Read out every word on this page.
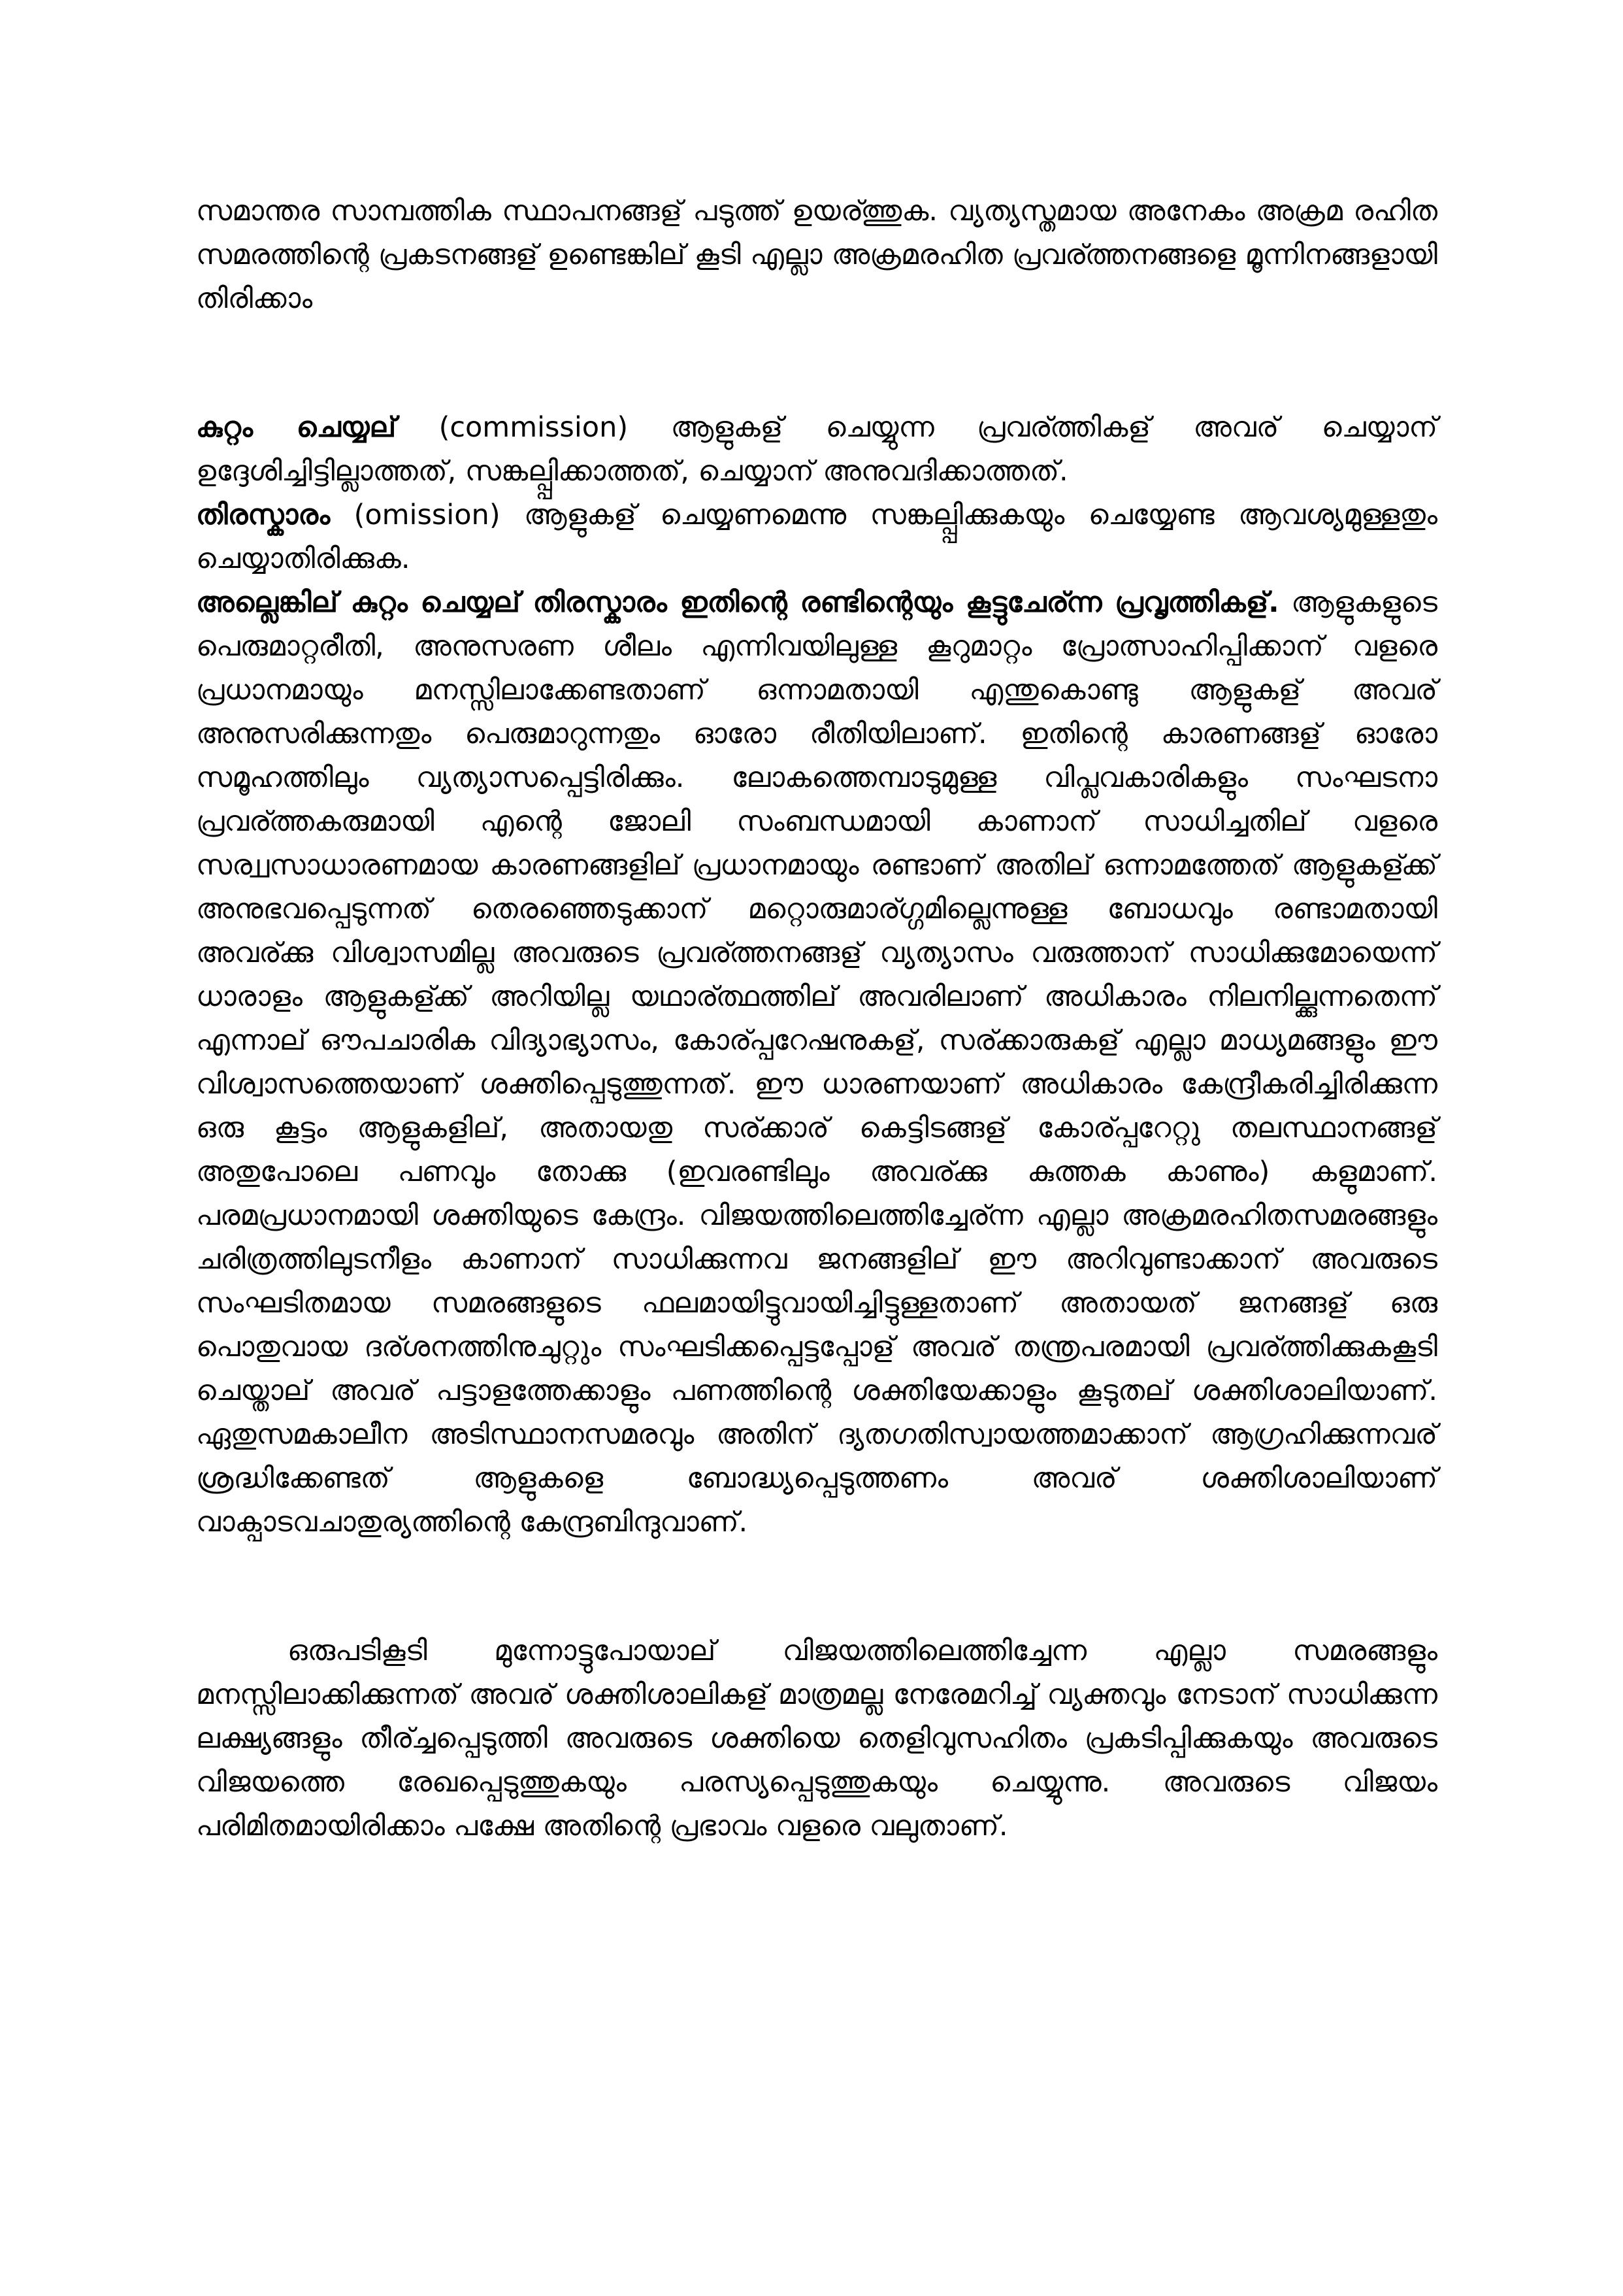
സമാന്തര സാമ്പത്തിക സ്ഥാപനങ്ങള് പടുത്ത് ഉയര്ത്തുക. വ്യത്യസ്തമായ അനേകം അക്രമ രഹിത സമരത്തിന്റെ പ്രകടനങ്ങള് ഉണ്ടെങ്കില് കൂടി എല്ലാ അക്രമരഹിത പ്രവര്ത്തനങ്ങളെ മൂന്നിനങ്ങളായി തിരിക്കാം

കുറ്റം ചെയ്യല് (commission) ആളുകള് ചെയ്യുന്ന പ്രവര്ത്തികള് അവര് ചെയ്യാന് ഉദ്ദേശിച്ചിട്ടില്ലാത്തത്, സങ്കല്പ്പിക്കാത്തത്, ചെയ്യാന് അനുവദിക്കാത്തത്.

തിരസ്കാരം (omission) ആളുകള് ചെയ്യണമെന്നു സങ്കല്പ്പിക്കുകയും ചെയ്യേണ്ട ആവശ്യമുള്ളതും ചെയ്യാതിരിക്കുക.

അല്ലെങ്കില് കുറ്റം ചെയ്യല് തിരസ്കാരം ഇതിന്റെ രണ്ടിന്റെയും കൂട്ടുചേര്ന്ന പ്രവൃത്തികള്. ആളുകളുടെ പെരുമാറ്റരീതി, അനുസരണ ശീലം എന്നിവയിലുള്ള കൂറുമാറ്റം പ്രോത്സാഹിപ്പിക്കാന് വളരെ പ്രധാനമായും മനസ്സിലാക്കേണ്ടതാണ് ഒന്നാമതായി എന്തുകൊണ്ടു ആളുകള് അവര് അനുസരിക്കുന്നതും പെരുമാറുന്നതും ഓരോ രീതിയിലാണ്. ഇതിന്റെ കാരണങ്ങള് ഓരോ സമൂഹത്തിലും വ്യത്യാസപ്പെട്ടിരിക്കും. ലോകത്തെമ്പാടുമുള്ള വിപ്ലവകാരികളും സംഘടനാ പ്രവര്ത്തകരുമായി എന്റെ ജോലി സംബന്ധമായി കാണാന് സാധിച്ചതില് വളരെ സര്വ്വസാധാരണമായ കാരണങ്ങളില് പ്രധാനമായും രണ്ടാണ് അതില് ഒന്നാമത്തേത് ആളുകള്ക്ക് അനുഭവപ്പെടുന്നത് തെരഞ്ഞെടുക്കാന് മറ്റൊരുമാര്ഗ്ഗമില്ലെന്നുള്ള ബോധവും രണ്ടാമതായി അവര്ക്കു വിശ്വാസമില്ല അവരുടെ പ്രവര്ത്തനങ്ങള് വ്യത്യാസം വരുത്താന് സാധിക്കുമോയെന്ന് ധാരാളം ആളുകള്ക്ക് അറിയില്ല യഥാര്ത്ഥത്തില് അവരിലാണ് അധികാരം നിലനില്ക്കുന്നതെന്ന് എന്നാല് ഔപചാരിക വിദ്യാഭ്യാസം, കോര്പ്പറേഷനുകള്, സര്ക്കാരുകള് എല്ലാ മാധ്യമങ്ങളും ഈ വിശ്വാസത്തെയാണ് ശക്തിപ്പെടുത്തുന്നത്. ഈ ധാരണയാണ് അധികാരം കേന്ദ്രീകരിച്ചിരിക്കുന്ന ഒരു കൂട്ടം ആളുകളില്, അതായതു സര്ക്കാര് കെട്ടിടങ്ങള് കോര്പ്പറേറ്റു തലസ്ഥാനങ്ങള് അതുപോലെ പണവും തോക്കു (ഇവരണ്ടിലും അവര്ക്കു കുത്തക കാണും) കളുമാണ്. പരമപ്രധാനമായി ശക്തിയുടെ കേന്ദ്രം. വിജയത്തിലെത്തിച്ചേര്ന്ന എല്ലാ അക്രമരഹിതസമരങ്ങളും ചരിത്രത്തിലുടനീളം കാണാന് സാധിക്കുന്നവ ജനങ്ങളില് ഈ അറിവുണ്ടാക്കാന് അവരുടെ സംഘടിതമായ സമരങ്ങളുടെ ഫലമായിട്ടുവായിച്ചിട്ടുള്ളതാണ് അതായത് ജനങ്ങള് ഒരു പൊതുവായ ദര്ശനത്തിനുചുറ്റും സംഘടിക്കപ്പെട്ടപ്പോള് അവര് തന്ത്രപരമായി പ്രവര്ത്തിക്കുകകൂടി ചെയ്താല് അവര് പട്ടാളത്തേക്കാളും പണത്തിന്റെ ശക്തിയേക്കാളും കൂടുതല് ശക്തിശാലിയാണ്. ഏതുസമകാലീന അടിസ്ഥാനസമരവും അതിന് ദ്യതഗതിസ്വായത്തമാക്കാന് ആഗ്രഹിക്കുന്നവര് ശ്രദ്ധിക്കേണ്ടത് ആളുകളെ ബോദ്ധ്യപ്പെടുത്തണം അവര് ശക്തിശാലിയാണ് വാക്പാടവചാതുര്യത്തിന്റെ കേന്ദ്രബിന്ദുവാണ്.

ഒരുപടികൂടി മുന്നോട്ടുപോയാല് വിജയത്തിലെത്തിച്ചേന്ന എല്ലാ സമരങ്ങളും മനസ്സിലാക്കിക്കുന്നത് അവര് ശക്തിശാലികള് മാത്രമല്ല നേരേമറിച്ച് വ്യക്തവും നേടാന് സാധിക്കുന്ന ലക്ഷ്യങ്ങളും തീര്ച്ചപ്പെടുത്തി അവരുടെ ശക്തിയെ തെളിവുസഹിതം പ്രകടിപ്പിക്കുകയും അവരുടെ വിജയത്തെ രേഖപ്പെടുത്തുകയും പരസ്യപ്പെടുത്തുകയും ചെയ്യുന്നു. അവരുടെ വിജയം പരിമിതമായിരിക്കാം പക്ഷേ അതിന്റെ പ്രഭാവം വളരെ വലുതാണ്.
